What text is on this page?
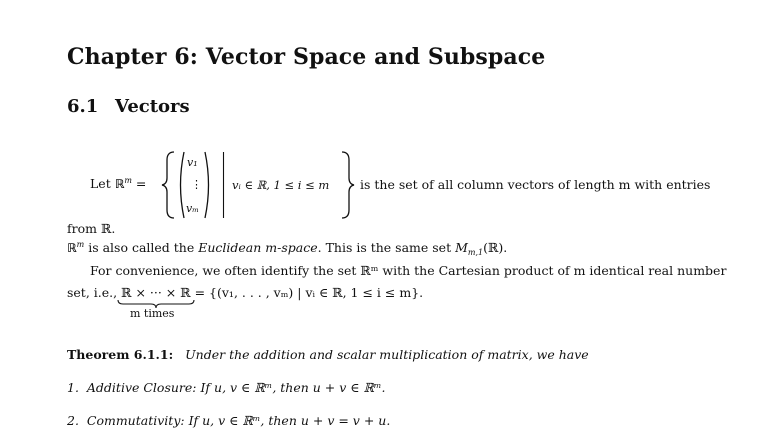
Chapter 6: Vector Space and Subspace
6.1 Vectors
Let ℝ$^m$ =
v₁
⋮
vₘ
vᵢ ∈ ℝ, 1 ≤ i ≤ m is the set of all column vectors of length m with entries
from ℝ.
ℝ$^m$ is also called the Euclidean m-space. This is the same set $M_{m,1}(ℝ)$.
For convenience, we often identify the set ℝᵐ with the Cartesian product of m identical real number
set, i.e., ℝ × ··· × ℝ = {(v₁, . . . , vₘ) | vᵢ ∈ ℝ, 1 ≤ i ≤ m}.
m times
Theorem 6.1.1: Under the addition and scalar multiplication of matrix, we have
1. Additive Closure: If u, v ∈ ℝᵐ, then u + v ∈ ℝᵐ.
2. Commutativity: If u, v ∈ ℝᵐ, then u + v = v + u.
